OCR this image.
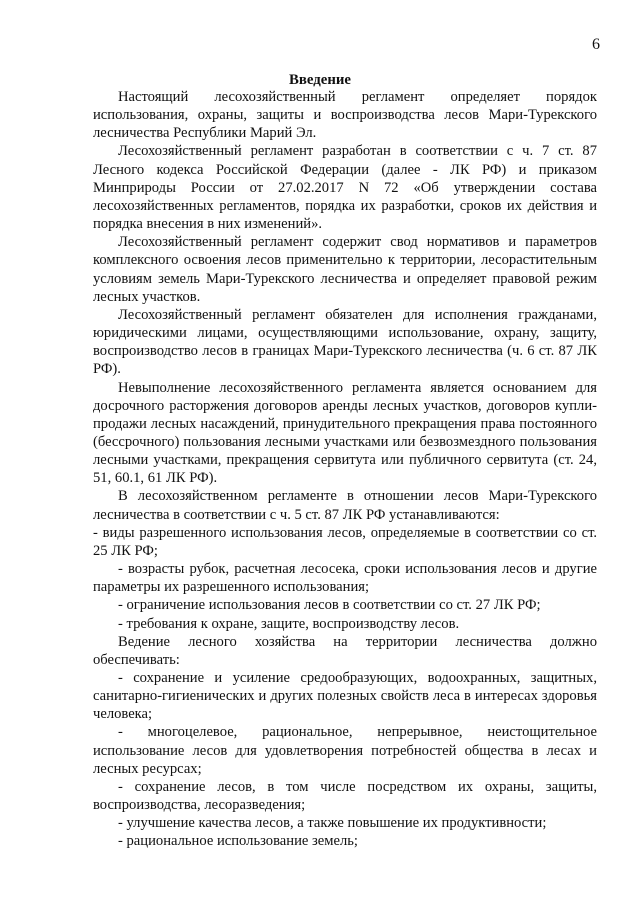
6
Введение

Настоящий лесохозяйственный регламент определяет порядок использования, охраны, защиты и воспроизводства лесов Мари-Турекского лесничества Республики Марий Эл.

Лесохозяйственный регламент разработан в соответствии с ч. 7 ст. 87 Лесного кодекса Российской Федерации (далее - ЛК РФ) и приказом Минприроды России от 27.02.2017 N 72 «Об утверждении состава лесохозяйственных регламентов, порядка их разработки, сроков их действия и порядка внесения в них изменений».

Лесохозяйственный регламент содержит свод нормативов и параметров комплексного освоения лесов применительно к территории, лесорастительным условиям земель Мари-Турекского лесничества и определяет правовой режим лесных участков.

Лесохозяйственный регламент обязателен для исполнения гражданами, юридическими лицами, осуществляющими использование, охрану, защиту, воспроизводство лесов в границах Мари-Турекского лесничества (ч. 6 ст. 87 ЛК РФ).

Невыполнение лесохозяйственного регламента является основанием для досрочного расторжения договоров аренды лесных участков, договоров купли-продажи лесных насаждений, принудительного прекращения права постоянного (бессрочного) пользования лесными участками или безвозмездного пользования лесными участками, прекращения сервитута или публичного сервитута (ст. 24, 51, 60.1, 61 ЛК РФ).

В лесохозяйственном регламенте в отношении лесов Мари-Турекского лесничества в соответствии с ч. 5 ст. 87 ЛК РФ устанавливаются:

- виды разрешенного использования лесов, определяемые в соответствии со ст. 25 ЛК РФ;

- возрасты рубок, расчетная лесосека, сроки использования лесов и другие параметры их разрешенного использования;

- ограничение использования лесов в соответствии со ст. 27 ЛК РФ;

- требования к охране, защите, воспроизводству лесов.

Ведение лесного хозяйства на территории лесничества должно обеспечивать:

- сохранение и усиление средообразующих, водоохранных, защитных, санитарно-гигиенических и других полезных свойств леса в интересах здоровья человека;

- многоцелевое, рациональное, непрерывное, неистощительное использование лесов для удовлетворения потребностей общества в лесах и лесных ресурсах;

- сохранение лесов, в том числе посредством их охраны, защиты, воспроизводства, лесоразведения;

- улучшение качества лесов, а также повышение их продуктивности;

- рациональное использование земель;
